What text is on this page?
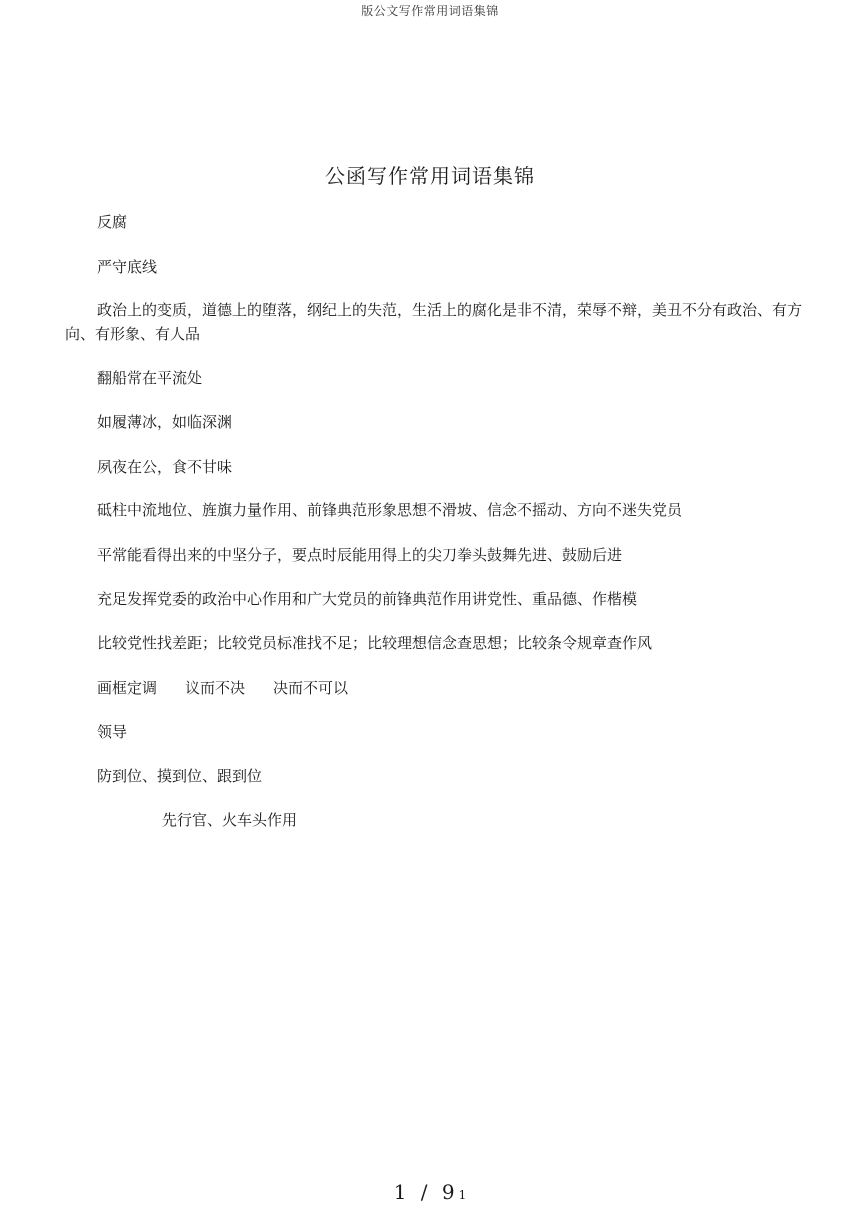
版公文写作常用词语集锦
公函写作常用词语集锦

反腐

严守底线

政治上的变质，道德上的堕落，纲纪上的失范，生活上的腐化是非不清，荣辱不辩，美丑不分有政治、有方向、有形象、有人品

翻船常在平流处

如履薄冰，如临深渊

夙夜在公，食不甘味

砥柱中流地位、旌旗力量作用、前锋典范形象思想不滑坡、信念不摇动、方向不迷失党员

平常能看得出来的中坚分子，要点时辰能用得上的尖刀拳头鼓舞先进、鼓励后进

充足发挥党委的政治中心作用和广大党员的前锋典范作用讲党性、重品德、作楷模

比较党性找差距；比较党员标准找不足；比较理想信念查思想；比较条令规章查作风

画框定调 议而不决 决而不可以

领导

防到位、摸到位、跟到位

先行官、火车头作用

1 / 91
